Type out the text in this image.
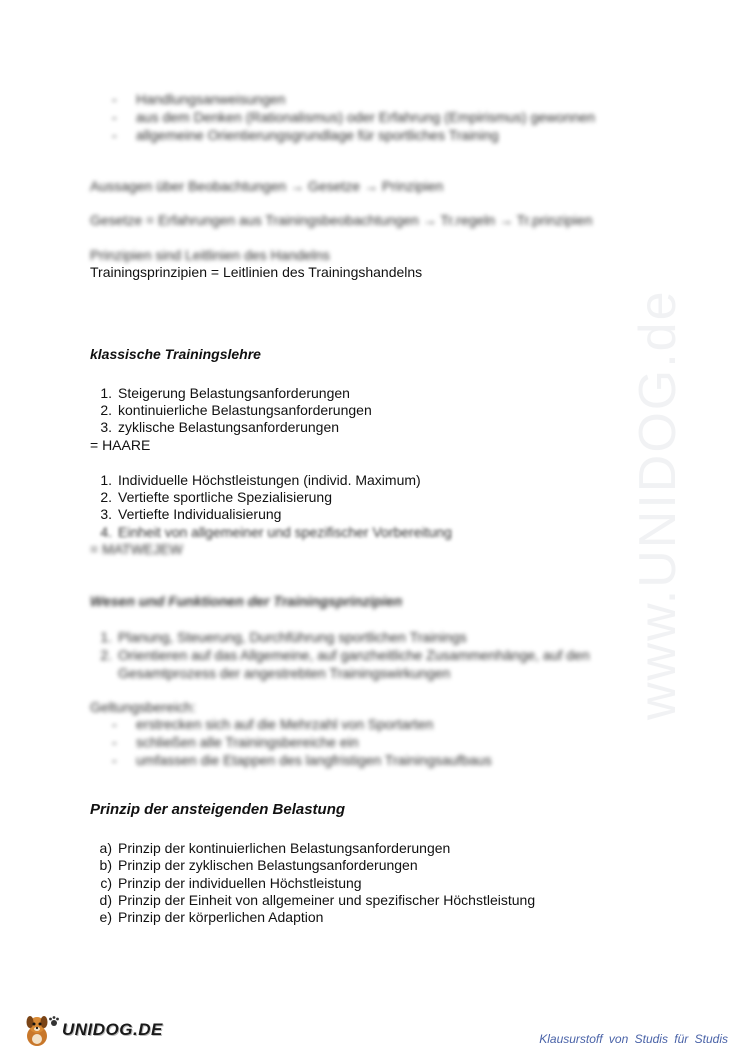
www.UNIDOG.de
- Handlungsanweisungen
- aus dem Denken (Rationalismus) oder Erfahrung (Empirismus) gewonnen
- allgemeine Orientierungsgrundlage für sportliches Training
Aussagen über Beobachtungen → Gesetze → Prinzipien
Gesetze = Erfahrungen aus Trainingsbeobachtungen → Tr.regeln → Tr.prinzipien
Prinzipien sind Leitlinien des Handelns
Trainingsprinzipien = Leitlinien des Trainingshandelns
klassische Trainingslehre
1. Steigerung Belastungsanforderungen
2. kontinuierliche Belastungsanforderungen
3. zyklische Belastungsanforderungen
= HAARE
1. Individuelle Höchstleistungen (individ. Maximum)
2. Vertiefte sportliche Spezialisierung
3. Vertiefte Individualisierung
4. Einheit von allgemeiner und spezifischer Vorbereitung
= MATWEJEW
Wesen und Funktionen der Trainingsprinzipien
1. Planung, Steuerung, Durchführung sportlichen Trainings
2. Orientieren auf das Allgemeine, auf ganzheitliche Zusammenhänge, auf den
Gesamtprozess der angestrebten Trainingswirkungen
Geltungsbereich:
- erstrecken sich auf die Mehrzahl von Sportarten
- schließen alle Trainingsbereiche ein
- umfassen die Etappen des langfristigen Trainingsaufbaus
Prinzip der ansteigenden Belastung
a) Prinzip der kontinuierlichen Belastungsanforderungen
b) Prinzip der zyklischen Belastungsanforderungen
c) Prinzip der individuellen Höchstleistung
d) Prinzip der Einheit von allgemeiner und spezifischer Höchstleistung
e) Prinzip der körperlichen Adaption
UNIDOG.DE	Klausurstoff von Studis für Studis
